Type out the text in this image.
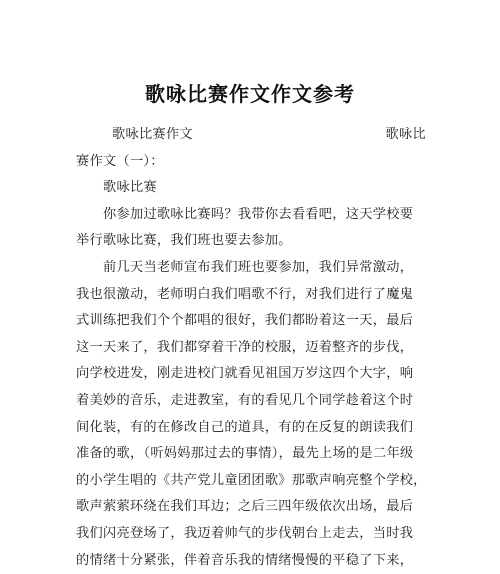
歌咏比赛作文作文参考
歌咏比赛作文	歌咏比
赛作文（一）：
歌咏比赛
你参加过歌咏比赛吗？我带你去看看吧，这天学校要
举行歌咏比赛，我们班也要去参加。
前几天当老师宣布我们班也要参加，我们异常激动，
我也很激动，老师明白我们唱歌不行，对我们进行了魔鬼
式训练把我们个个都唱的很好，我们都盼着这一天，最后
这一天来了，我们都穿着干净的校服，迈着整齐的步伐，
向学校进发，刚走进校门就看见祖国万岁这四个大字，响
着美妙的音乐，走进教室，有的看见几个同学趁着这个时
间化装，有的在修改自己的道具，有的在反复的朗读我们
准备的歌，（听妈妈那过去的事情），最先上场的是二年级
的小学生唱的《共产党儿童团团歌》那歌声响亮整个学校，
歌声萦萦环绕在我们耳边；之后三四年级依次出场，最后
我们闪亮登场了，我迈着帅气的步伐朝台上走去，当时我
的情绪十分紧张，伴着音乐我的情绪慢慢的平稳了下来，
